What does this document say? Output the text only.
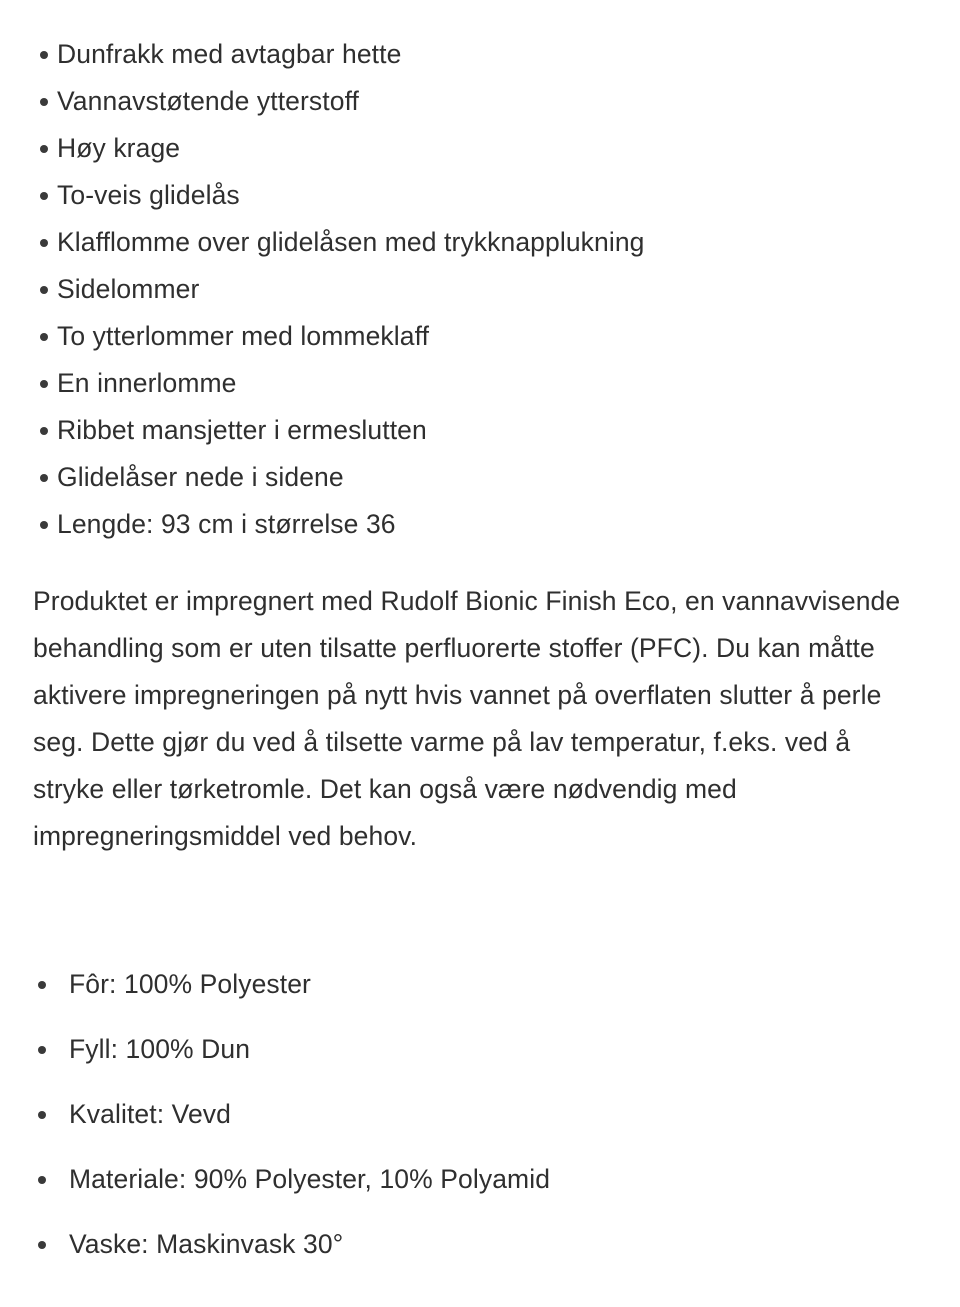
Dunfrakk med avtagbar hette
Vannavstøtende ytterstoff
Høy krage
To-veis glidelås
Klafflomme over glidelåsen med trykknapplukning
Sidelommer
To ytterlommer med lommeklaff
En innerlomme
Ribbet mansjetter i ermeslutten
Glidelåser nede i sidene
Lengde: 93 cm i størrelse 36

Produktet er impregnert med Rudolf Bionic Finish Eco, en vannavvisende behandling som er uten tilsatte perfluorerte stoffer (PFC). Du kan måtte aktivere impregneringen på nytt hvis vannet på overflaten slutter å perle seg. Dette gjør du ved å tilsette varme på lav temperatur, f.eks. ved å stryke eller tørketromle. Det kan også være nødvendig med impregneringsmiddel ved behov.

Fôr: 100% Polyester
Fyll: 100% Dun
Kvalitet: Vevd
Materiale: 90% Polyester, 10% Polyamid
Vaske: Maskinvask 30°
